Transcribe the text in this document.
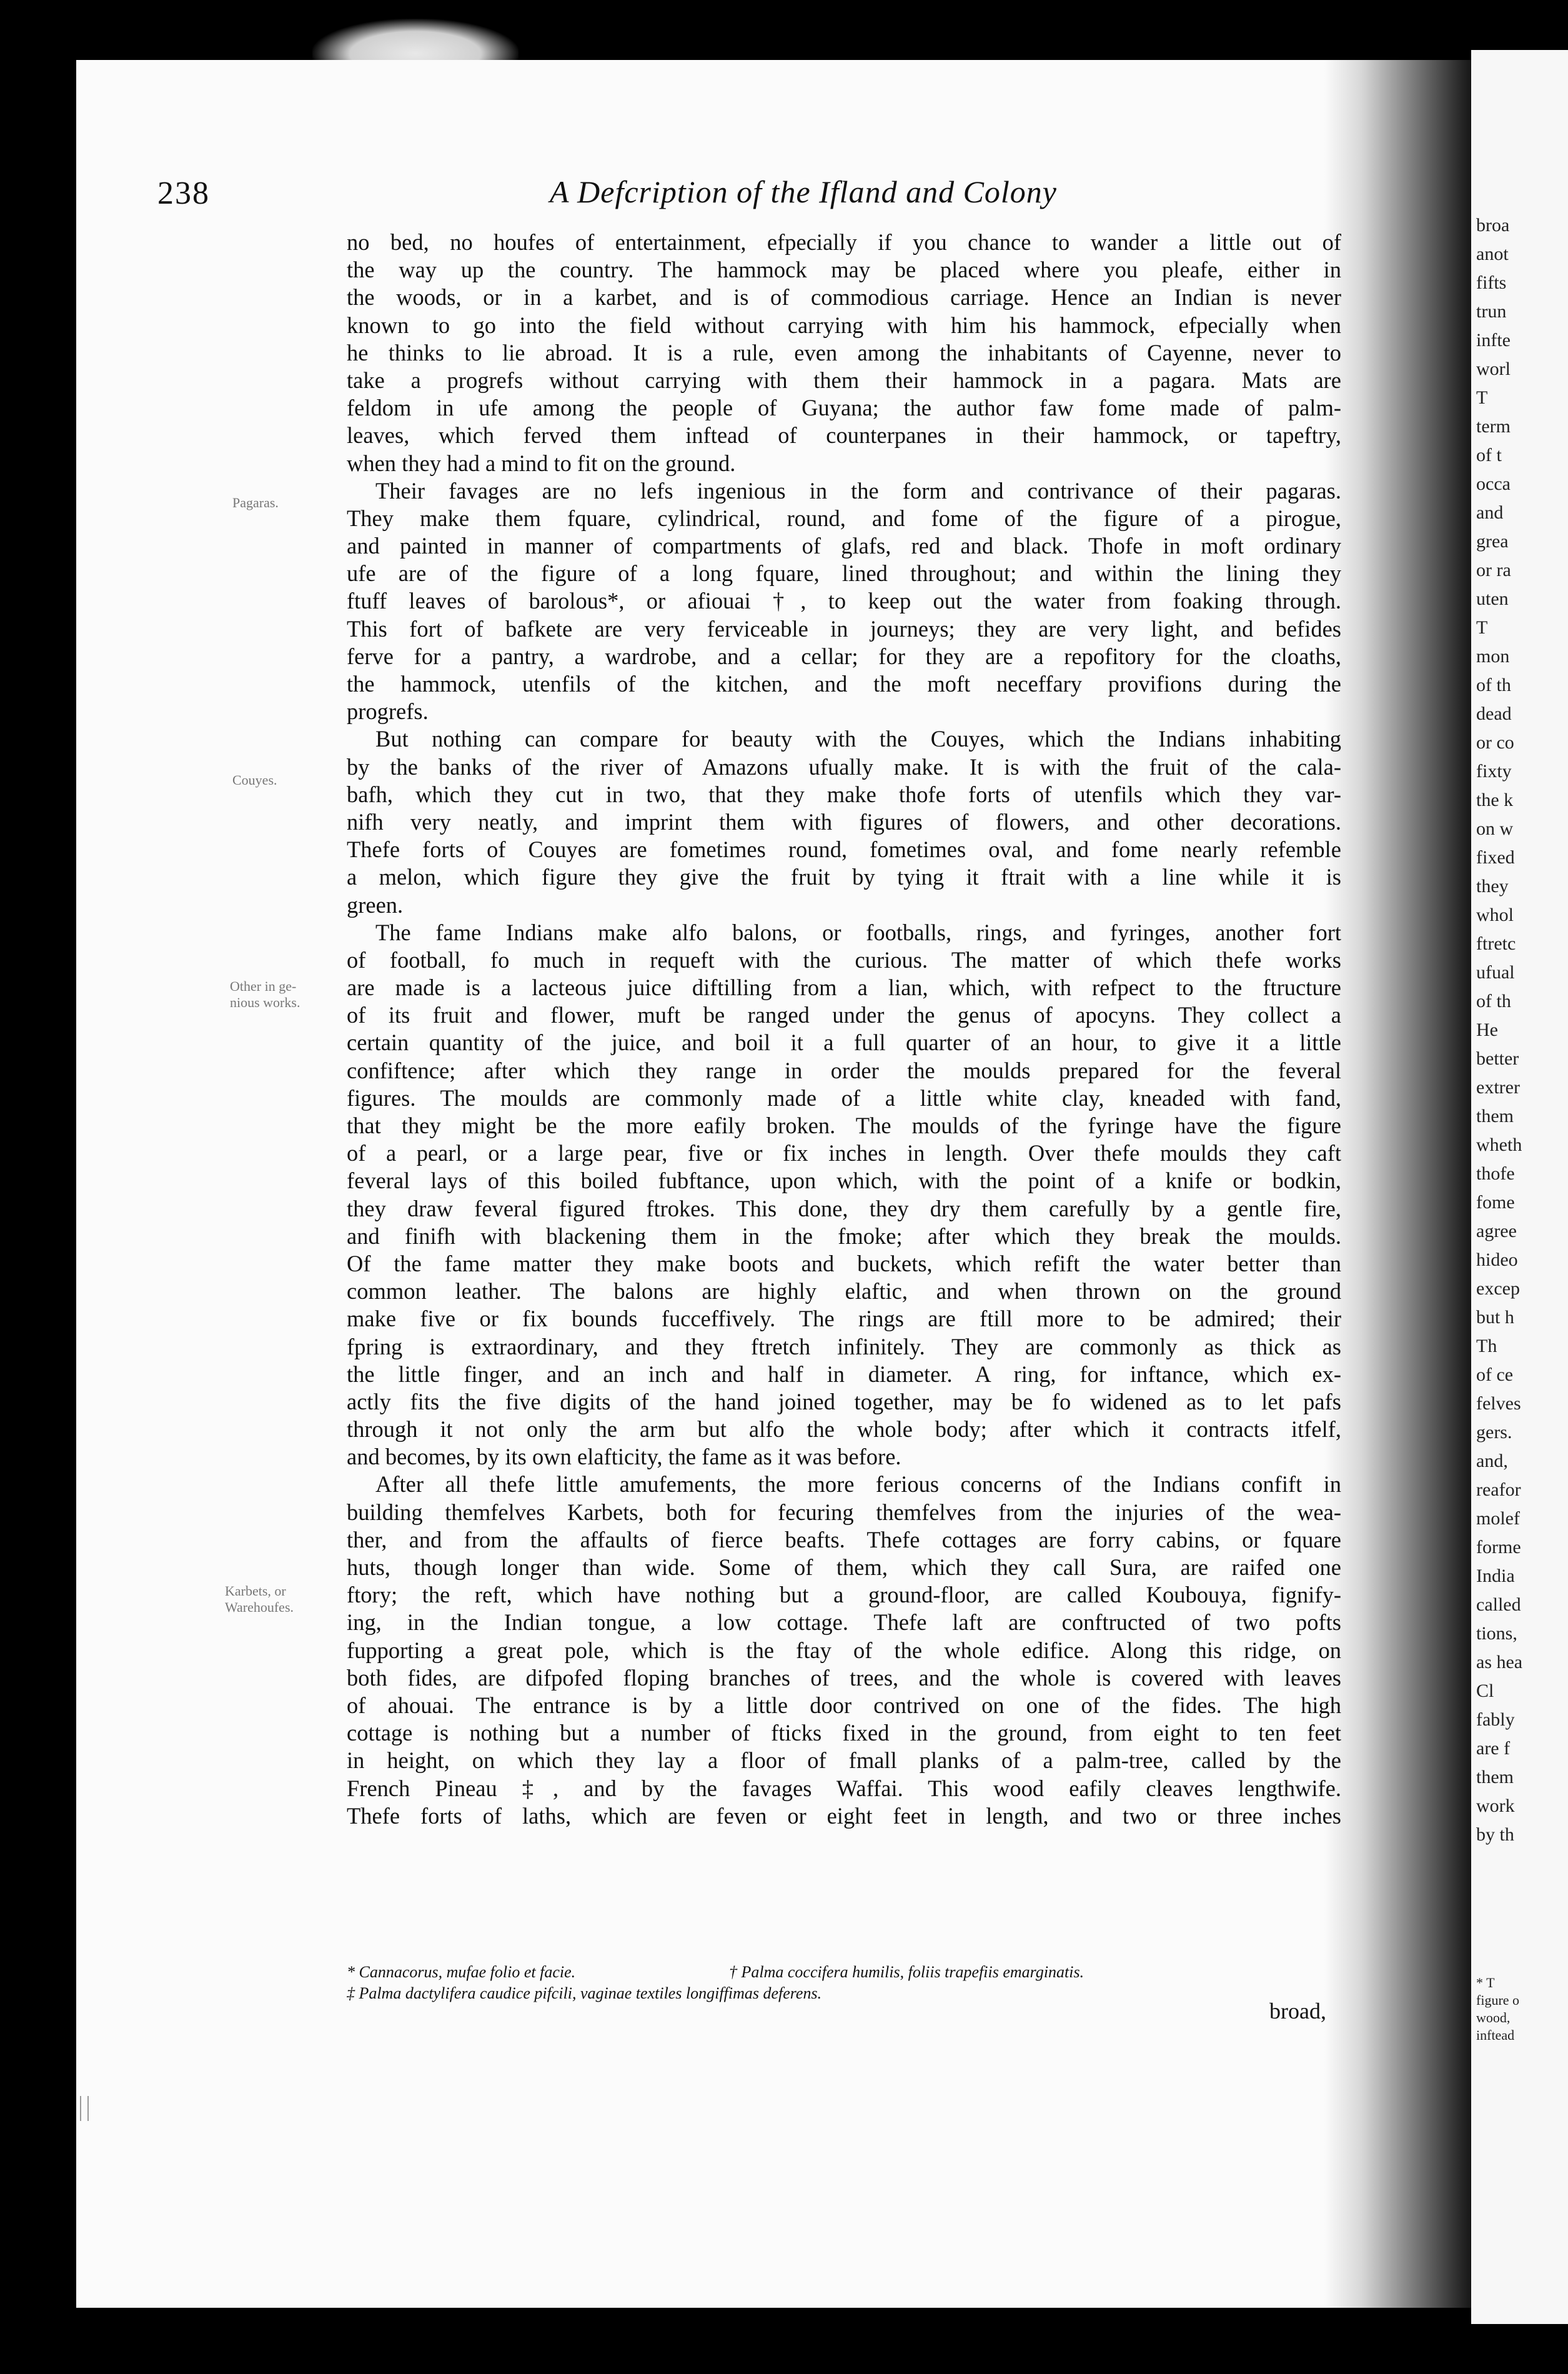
broa
anot
fifts
trun
infte
worl
T
term
of t
occa
and
grea
or ra
uten
T
mon
of th
dead
or co
fixty
the k
on w
fixed
they
whol
ftretc
ufual
of th
He
better
extrer
them
wheth
thofe
fome
agree
hideo
excep
but h
Th
of ce
felves
gers.
and,
reafor
molef
forme
India
called
tions,
as hea
Cl
fably
are f
them
work
by th
* T
figure o
wood,
inftead
238	A Defcription of the Ifland and Colony
Pagaras.
Couyes.
Other in ge-
nious works.
Karbets, or
Warehoufes.
no bed, no houfes of entertainment, efpecially if you chance to wander a little out of
the way up the country. The hammock may be placed where you pleafe, either in
the woods, or in a karbet, and is of commodious carriage. Hence an Indian is never
known to go into the field without carrying with him his hammock, efpecially when
he thinks to lie abroad. It is a rule, even among the inhabitants of Cayenne, never to
take a progrefs without carrying with them their hammock in a pagara. Mats are
feldom in ufe among the people of Guyana; the author faw fome made of palm-
leaves, which ferved them inftead of counterpanes in their hammock, or tapeftry,
when they had a mind to fit on the ground.
Their favages are no lefs ingenious in the form and contrivance of their pagaras.
They make them fquare, cylindrical, round, and fome of the figure of a pirogue,
and painted in manner of compartments of glafs, red and black. Thofe in moft ordinary
ufe are of the figure of a long fquare, lined throughout; and within the lining they
ftuff leaves of barolous*, or afiouai †, to keep out the water from foaking through.
This fort of bafkete are very ferviceable in journeys; they are very light, and befides
ferve for a pantry, a wardrobe, and a cellar; for they are a repofitory for the cloaths,
the hammock, utenfils of the kitchen, and the moft neceffary provifions during the
progrefs.
But nothing can compare for beauty with the Couyes, which the Indians inhabiting
by the banks of the river of Amazons ufually make. It is with the fruit of the cala-
bafh, which they cut in two, that they make thofe forts of utenfils which they var-
nifh very neatly, and imprint them with figures of flowers, and other decorations.
Thefe forts of Couyes are fometimes round, fometimes oval, and fome nearly refemble
a melon, which figure they give the fruit by tying it ftrait with a line while it is
green.
The fame Indians make alfo balons, or footballs, rings, and fyringes, another fort
of football, fo much in requeft with the curious. The matter of which thefe works
are made is a lacteous juice diftilling from a lian, which, with refpect to the ftructure
of its fruit and flower, muft be ranged under the genus of apocyns. They collect a
certain quantity of the juice, and boil it a full quarter of an hour, to give it a little
confiftence; after which they range in order the moulds prepared for the feveral
figures. The moulds are commonly made of a little white clay, kneaded with fand,
that they might be the more eafily broken. The moulds of the fyringe have the figure
of a pearl, or a large pear, five or fix inches in length. Over thefe moulds they caft
feveral lays of this boiled fubftance, upon which, with the point of a knife or bodkin,
they draw feveral figured ftrokes. This done, they dry them carefully by a gentle fire,
and finifh with blackening them in the fmoke; after which they break the moulds.
Of the fame matter they make boots and buckets, which refift the water better than
common leather. The balons are highly elaftic, and when thrown on the ground
make five or fix bounds fucceffively. The rings are ftill more to be admired; their
fpring is extraordinary, and they ftretch infinitely. They are commonly as thick as
the little finger, and an inch and half in diameter. A ring, for inftance, which ex-
actly fits the five digits of the hand joined together, may be fo widened as to let pafs
through it not only the arm but alfo the whole body; after which it contracts itfelf,
and becomes, by its own elafticity, the fame as it was before.
After all thefe little amufements, the more ferious concerns of the Indians confift in
building themfelves Karbets, both for fecuring themfelves from the injuries of the wea-
ther, and from the affaults of fierce beafts. Thefe cottages are forry cabins, or fquare
huts, though longer than wide. Some of them, which they call Sura, are raifed one
ftory; the reft, which have nothing but a ground-floor, are called Koubouya, fignify-
ing, in the Indian tongue, a low cottage. Thefe laft are conftructed of two pofts
fupporting a great pole, which is the ftay of the whole edifice. Along this ridge, on
both fides, are difpofed floping branches of trees, and the whole is covered with leaves
of ahouai. The entrance is by a little door contrived on one of the fides. The high
cottage is nothing but a number of fticks fixed in the ground, from eight to ten feet
in height, on which they lay a floor of fmall planks of a palm-tree, called by the
French Pineau ‡, and by the favages Waffai. This wood eafily cleaves lengthwife.
Thefe forts of laths, which are feven or eight feet in length, and two or three inches
* Cannacorus, mufae folio et facie.	† Palma coccifera humilis, foliis trapefiis emarginatis.
‡ Palma dactylifera caudice pifcili, vaginae textiles longiffimas deferens.
broad,
